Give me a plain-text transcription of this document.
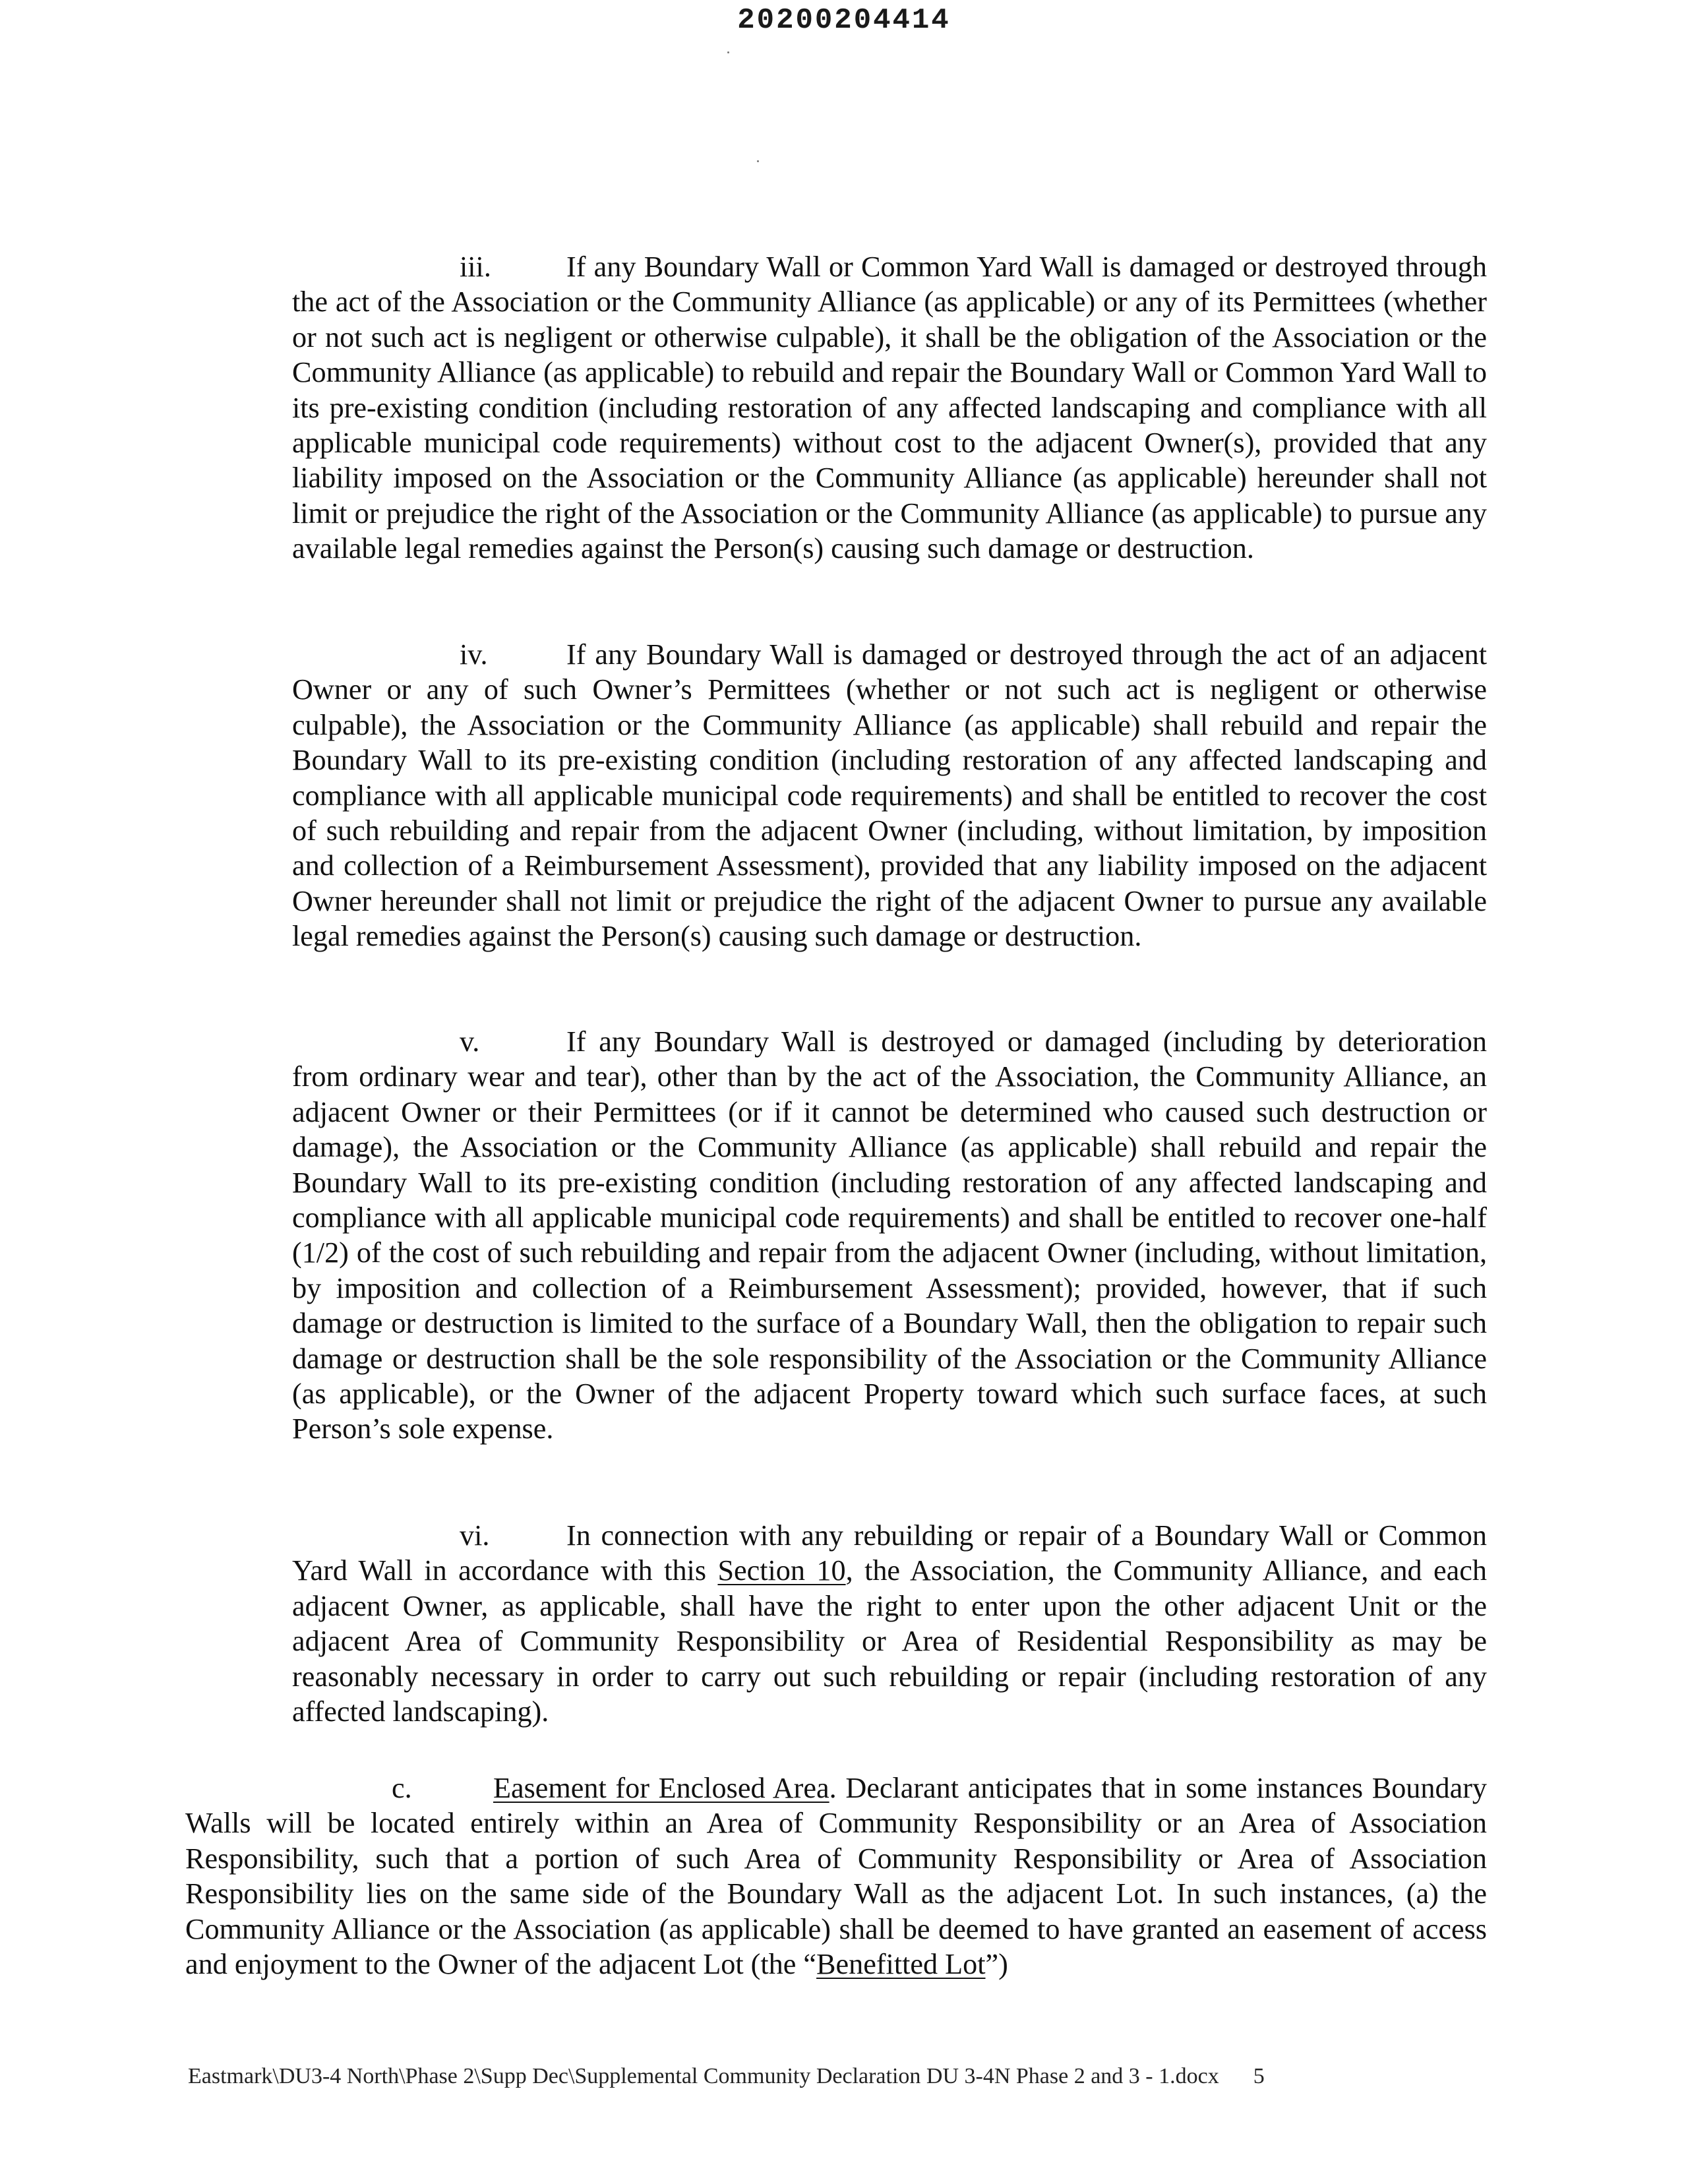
20200204414

iii.	If any Boundary Wall or Common Yard Wall is damaged or destroyed through the act of the Association or the Community Alliance (as applicable) or any of its Permittees (whether or not such act is negligent or otherwise culpable), it shall be the obligation of the Association or the Community Alliance (as applicable) to rebuild and repair the Boundary Wall or Common Yard Wall to its pre-existing condition (including restoration of any affected landscaping and compliance with all applicable municipal code requirements) without cost to the adjacent Owner(s), provided that any liability imposed on the Association or the Community Alliance (as applicable) hereunder shall not limit or prejudice the right of the Association or the Community Alliance (as applicable) to pursue any available legal remedies against the Person(s) causing such damage or destruction.

iv.	If any Boundary Wall is damaged or destroyed through the act of an adjacent Owner or any of such Owner’s Permittees (whether or not such act is negligent or otherwise culpable), the Association or the Community Alliance (as applicable) shall rebuild and repair the Boundary Wall to its pre-existing condition (including restoration of any affected landscaping and compliance with all applicable municipal code requirements) and shall be entitled to recover the cost of such rebuilding and repair from the adjacent Owner (including, without limitation, by imposition and collection of a Reimbursement Assessment), provided that any liability imposed on the adjacent Owner hereunder shall not limit or prejudice the right of the adjacent Owner to pursue any available legal remedies against the Person(s) causing such damage or destruction.

v.	If any Boundary Wall is destroyed or damaged (including by deterioration from ordinary wear and tear), other than by the act of the Association, the Community Alliance, an adjacent Owner or their Permittees (or if it cannot be determined who caused such destruction or damage), the Association or the Community Alliance (as applicable) shall rebuild and repair the Boundary Wall to its pre-existing condition (including restoration of any affected landscaping and compliance with all applicable municipal code requirements) and shall be entitled to recover one-half (1/2) of the cost of such rebuilding and repair from the adjacent Owner (including, without limitation, by imposition and collection of a Reimbursement Assessment); provided, however, that if such damage or destruction is limited to the surface of a Boundary Wall, then the obligation to repair such damage or destruction shall be the sole responsibility of the Association or the Community Alliance (as applicable), or the Owner of the adjacent Property toward which such surface faces, at such Person’s sole expense.

vi.	In connection with any rebuilding or repair of a Boundary Wall or Common Yard Wall in accordance with this Section 10, the Association, the Community Alliance, and each adjacent Owner, as applicable, shall have the right to enter upon the other adjacent Unit or the adjacent Area of Community Responsibility or Area of Residential Responsibility as may be reasonably necessary in order to carry out such rebuilding or repair (including restoration of any affected landscaping).

c.	Easement for Enclosed Area. Declarant anticipates that in some instances Boundary Walls will be located entirely within an Area of Community Responsibility or an Area of Association Responsibility, such that a portion of such Area of Community Responsibility or Area of Association Responsibility lies on the same side of the Boundary Wall as the adjacent Lot. In such instances, (a) the Community Alliance or the Association (as applicable) shall be deemed to have granted an easement of access and enjoyment to the Owner of the adjacent Lot (the “Benefitted Lot”)

Eastmark\DU3-4 North\Phase 2\Supp Dec\Supplemental Community Declaration DU 3-4N Phase 2 and 3 - 1.docx 5
